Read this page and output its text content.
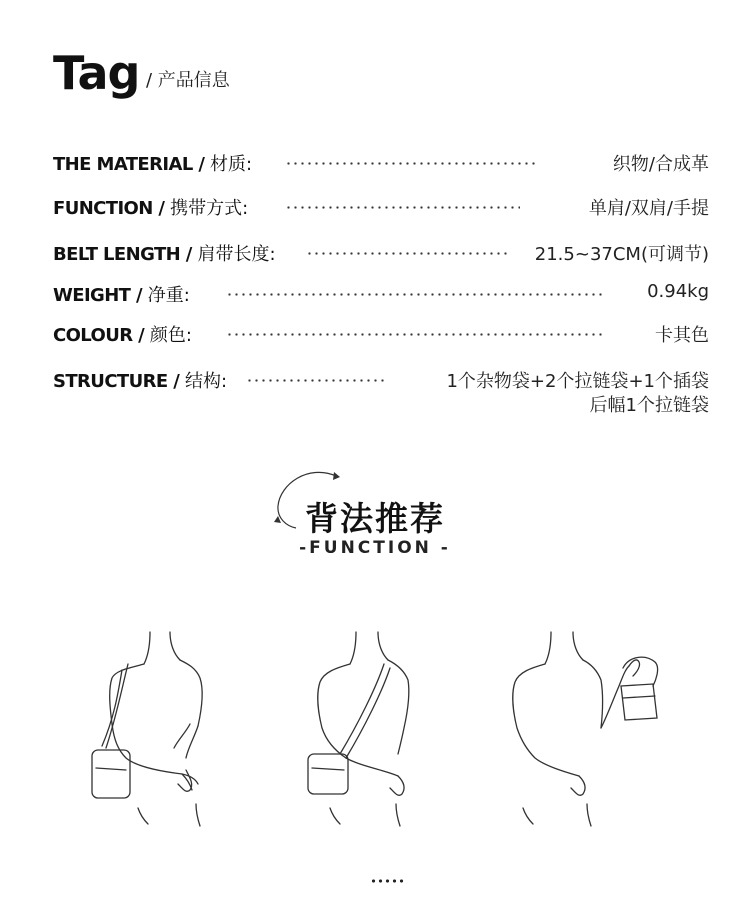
Tag / 产品信息
THE MATERIAL / 材质:	织物/合成革
FUNCTION / 携带方式:	单肩/双肩/手提
BELT LENGTH / 肩带长度:	21.5~37CM(可调节)
WEIGHT / 净重:	0.94kg
COLOUR / 颜色:	卡其色
STRUCTURE / 结构:	1个杂物袋+2个拉链袋+1个插袋
后幅1个拉链袋
背法推荐
-FUNCTION -
